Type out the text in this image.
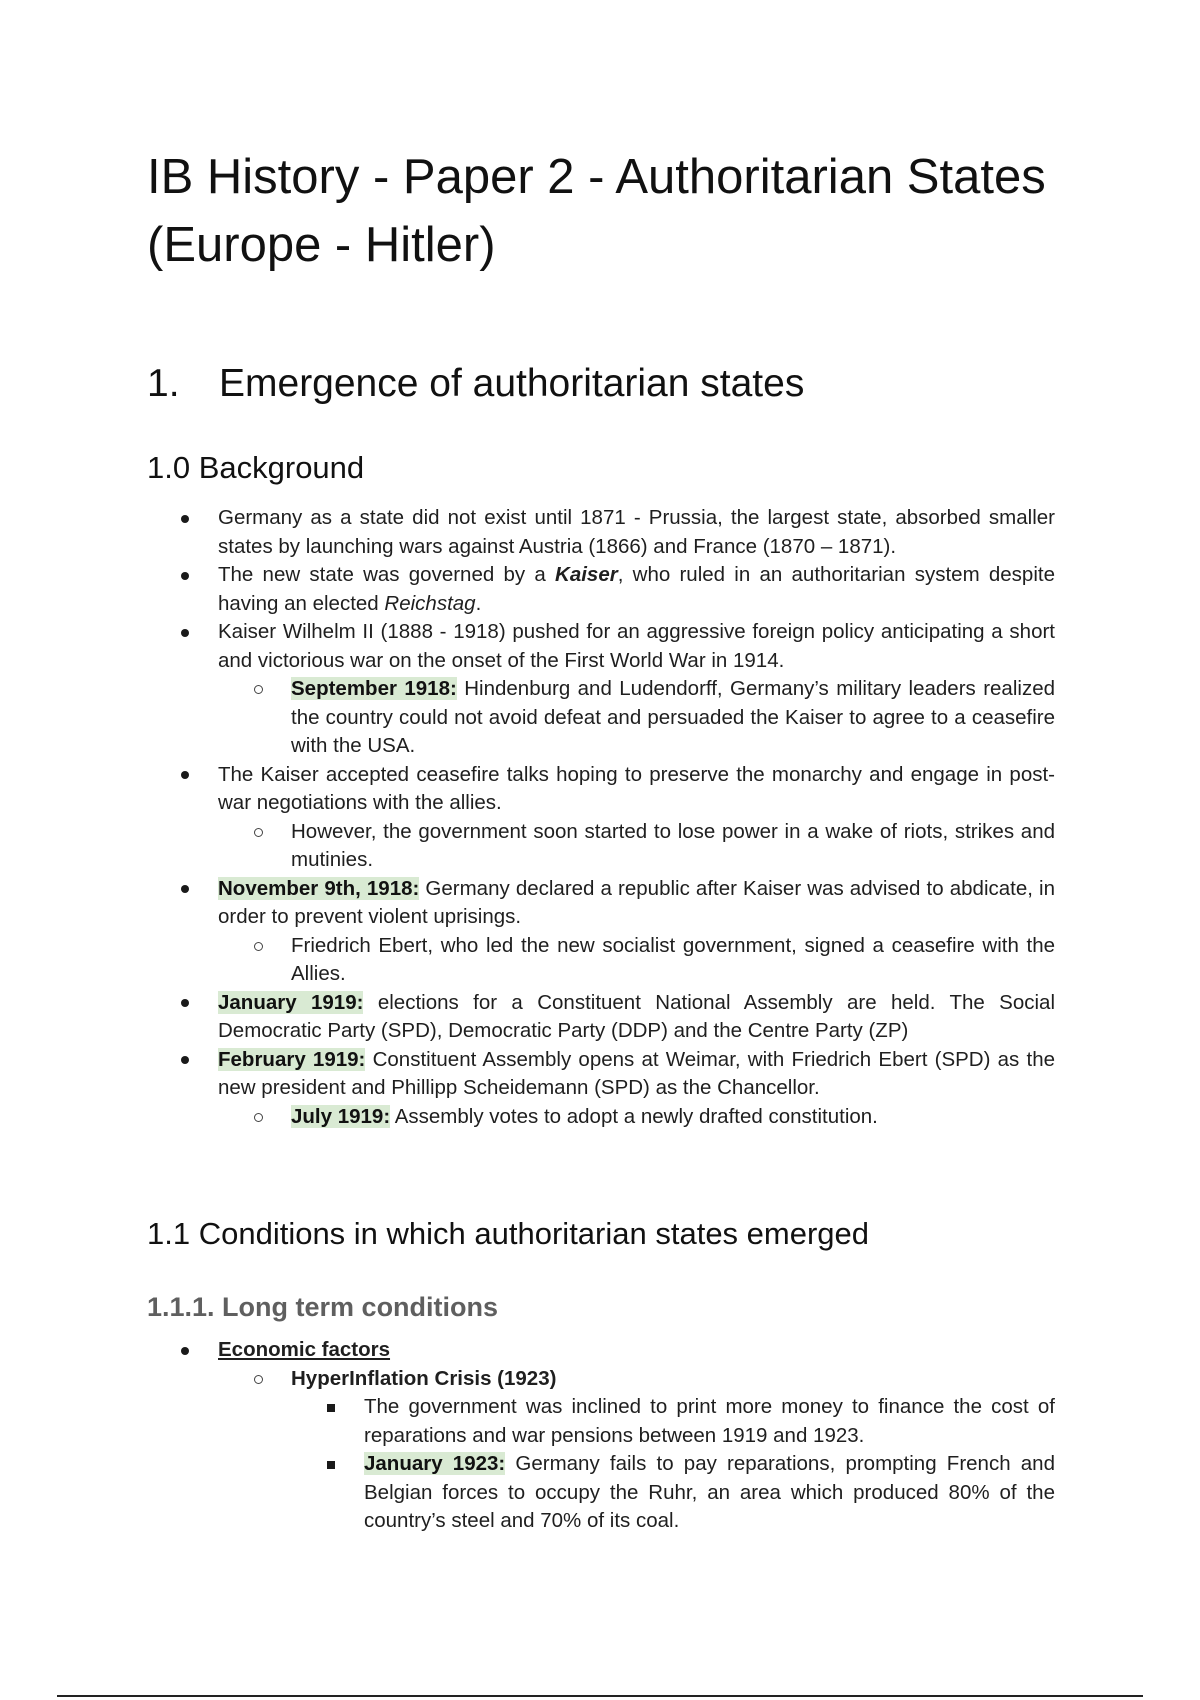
IB History - Paper 2 - Authoritarian States (Europe - Hitler)
1. Emergence of authoritarian states
1.0 Background
Germany as a state did not exist until 1871 - Prussia, the largest state, absorbed smaller states by launching wars against Austria (1866) and France (1870 – 1871).
The new state was governed by a Kaiser, who ruled in an authoritarian system despite having an elected Reichstag.
Kaiser Wilhelm II (1888 - 1918) pushed for an aggressive foreign policy anticipating a short and victorious war on the onset of the First World War in 1914.
September 1918: Hindenburg and Ludendorff, Germany’s military leaders realized the country could not avoid defeat and persuaded the Kaiser to agree to a ceasefire with the USA.
The Kaiser accepted ceasefire talks hoping to preserve the monarchy and engage in post-war negotiations with the allies.
However, the government soon started to lose power in a wake of riots, strikes and mutinies.
November 9th, 1918: Germany declared a republic after Kaiser was advised to abdicate, in order to prevent violent uprisings.
Friedrich Ebert, who led the new socialist government, signed a ceasefire with the Allies.
January 1919: elections for a Constituent National Assembly are held. The Social Democratic Party (SPD), Democratic Party (DDP) and the Centre Party (ZP)
February 1919: Constituent Assembly opens at Weimar, with Friedrich Ebert (SPD) as the new president and Phillipp Scheidemann (SPD) as the Chancellor.
July 1919: Assembly votes to adopt a newly drafted constitution.
1.1 Conditions in which authoritarian states emerged
1.1.1. Long term conditions
Economic factors
HyperInflation Crisis (1923)
The government was inclined to print more money to finance the cost of reparations and war pensions between 1919 and 1923.
January 1923: Germany fails to pay reparations, prompting French and Belgian forces to occupy the Ruhr, an area which produced 80% of the country’s steel and 70% of its coal.
